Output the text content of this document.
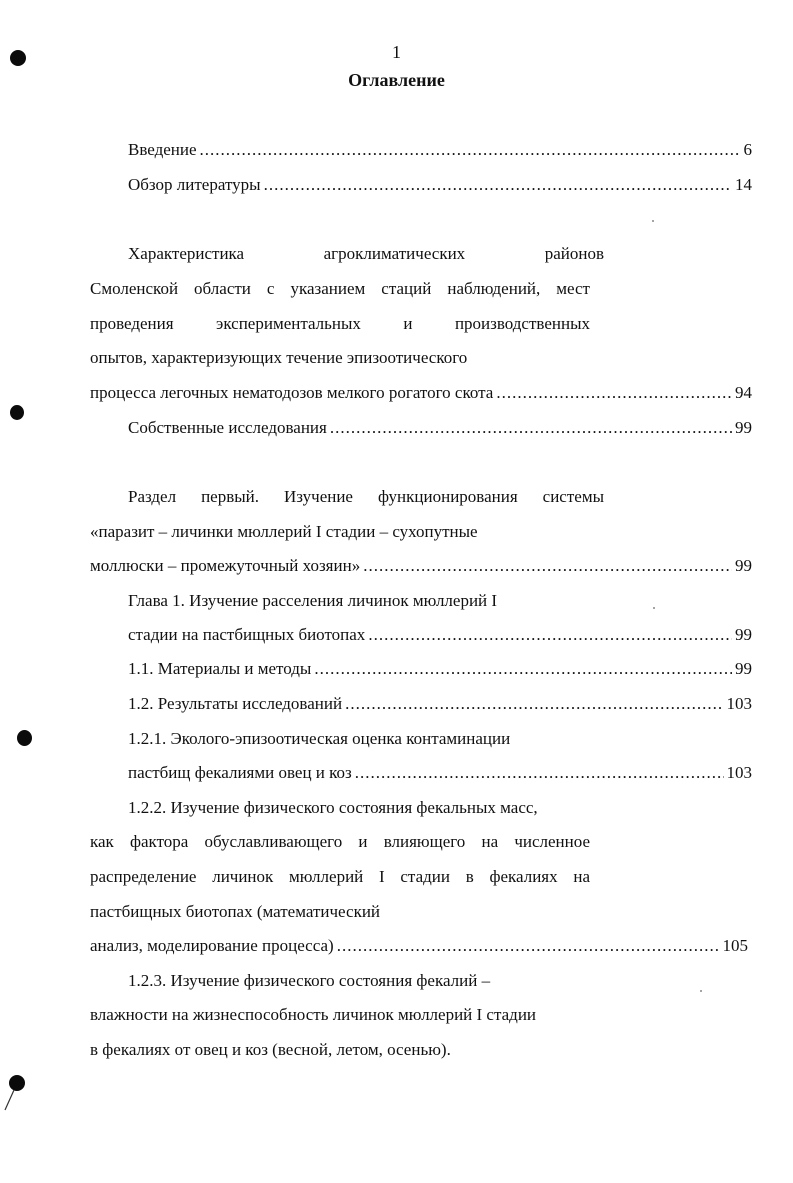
1
Оглавление
Введение .....	6
Обзор литературы .....	14
Характеристика агроклиматических районов
Смоленской области с указанием стаций наблюдений, мест
проведения экспериментальных и производственных
опытов, характеризующих течение эпизоотического
процесса легочных нематодозов мелкого рогатого скота .....	94
Собственные исследования .....	99
Раздел первый. Изучение функционирования системы
«паразит – личинки мюллерий I стадии – сухопутные
моллюски – промежуточный хозяин» .....	99
Глава 1. Изучение расселения личинок мюллерий I
стадии на пастбищных биотопах .....	99
1.1. Материалы и методы .....	99
1.2. Результаты исследований .....	103
1.2.1. Эколого-эпизоотическая оценка контаминации
пастбищ фекалиями овец и коз .....	103
1.2.2. Изучение физического состояния фекальных масс,
как фактора обуславливающего и влияющего на численное
распределение личинок мюллерий I стадии в фекалиях на
пастбищных биотопах (математический
анализ, моделирование процесса) .....	105
1.2.3. Изучение физического состояния фекалий –
влажности на жизнеспособность личинок мюллерий I стадии
в фекалиях от овец и коз (весной, летом, осенью).
